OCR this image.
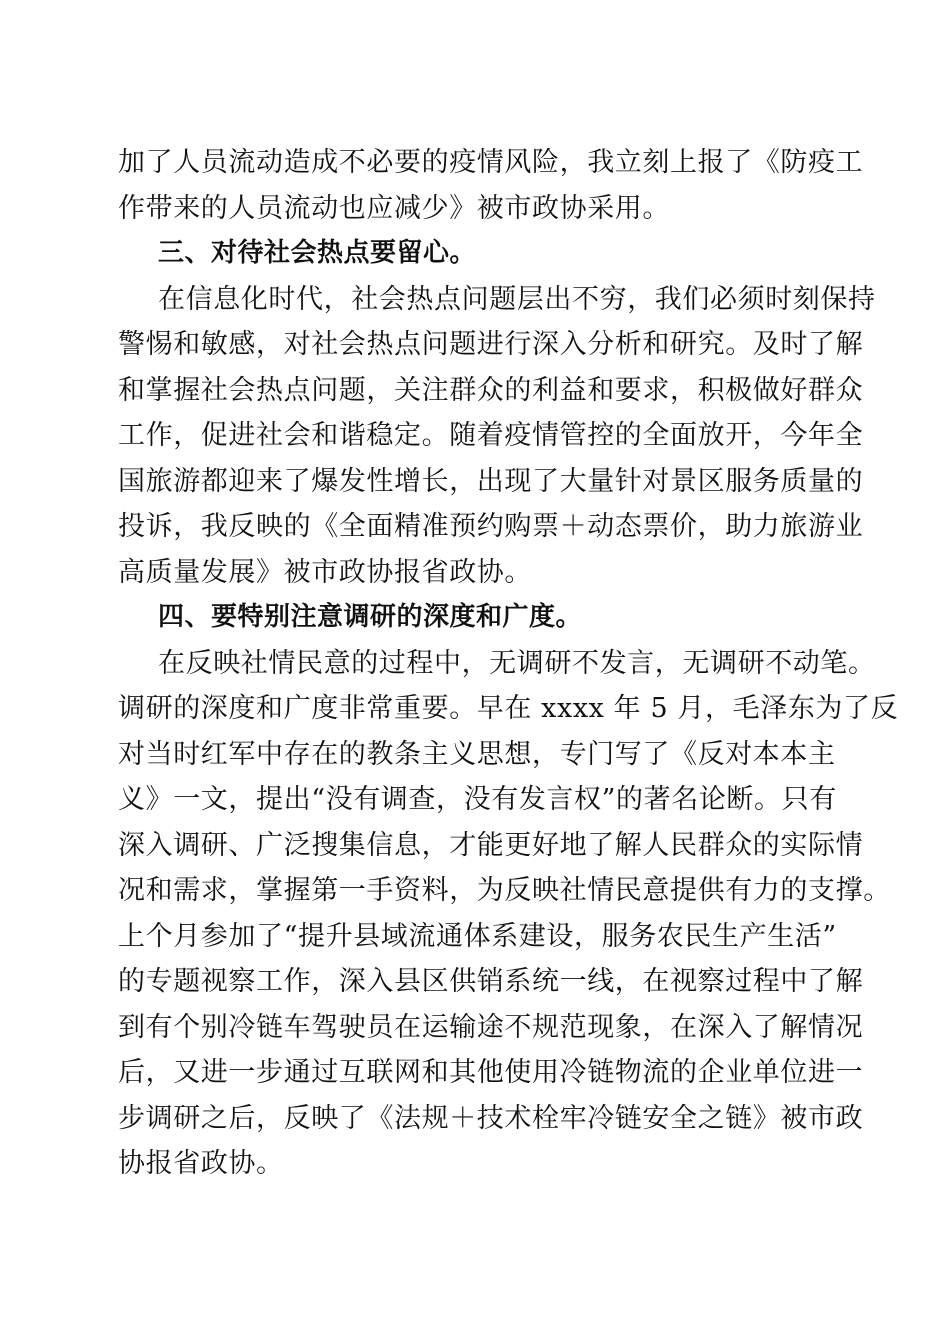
加了人员流动造成不必要的疫情风险，我立刻上报了《防疫工
作带来的人员流动也应减少》被市政协采用。
三、对待社会热点要留心。
在信息化时代，社会热点问题层出不穷，我们必须时刻保持
警惕和敏感，对社会热点问题进行深入分析和研究。及时了解
和掌握社会热点问题，关注群众的利益和要求，积极做好群众
工作，促进社会和谐稳定。随着疫情管控的全面放开，今年全
国旅游都迎来了爆发性增长，出现了大量针对景区服务质量的
投诉，我反映的《全面精准预约购票＋动态票价，助力旅游业
高质量发展》被市政协报省政协。
四、要特别注意调研的深度和广度。
在反映社情民意的过程中，无调研不发言，无调研不动笔。
调研的深度和广度非常重要。早在 xxxx 年 5 月，毛泽东为了反
对当时红军中存在的教条主义思想，专门写了《反对本本主
义》一文，提出“没有调查，没有发言权”的著名论断。只有
深入调研、广泛搜集信息，才能更好地了解人民群众的实际情
况和需求，掌握第一手资料，为反映社情民意提供有力的支撑。
上个月参加了“提升县域流通体系建设，服务农民生产生活”
的专题视察工作，深入县区供销系统一线，在视察过程中了解
到有个别冷链车驾驶员在运输途不规范现象，在深入了解情况
后，又进一步通过互联网和其他使用冷链物流的企业单位进一
步调研之后，反映了《法规＋技术栓牢冷链安全之链》被市政
协报省政协。
